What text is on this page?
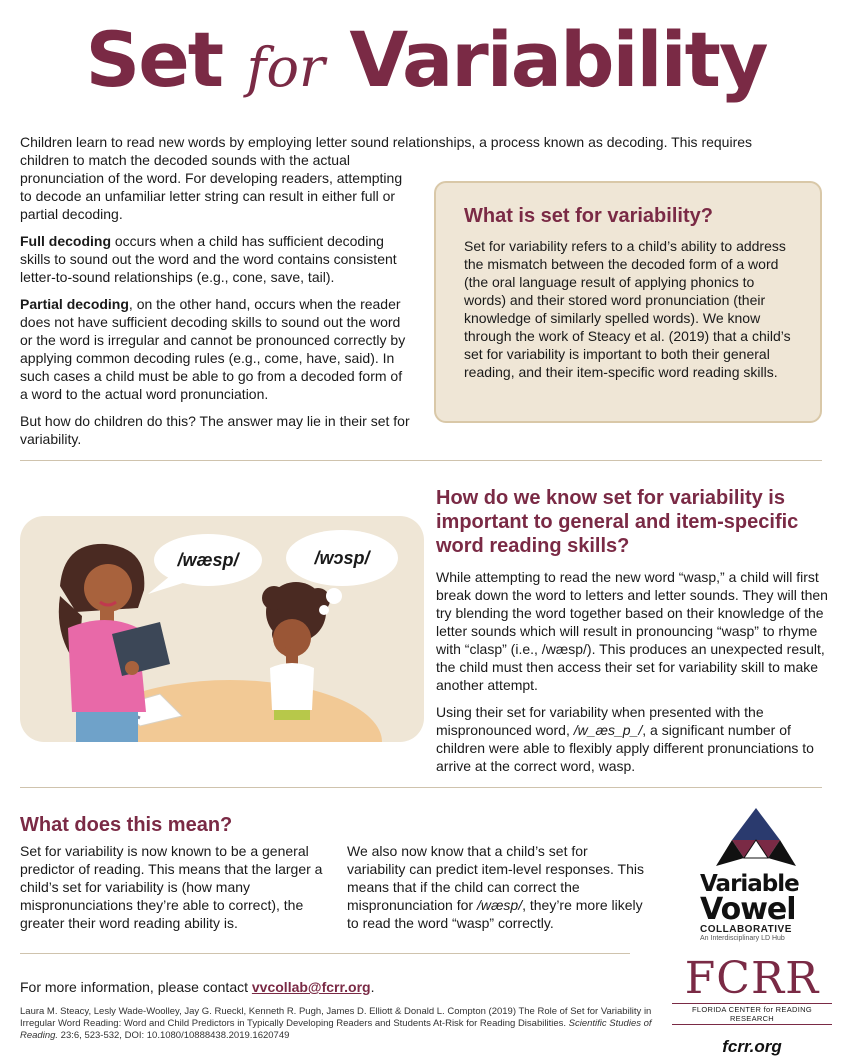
Set for Variability

Children learn to read new words by employing letter sound relationships, a process known as decoding. This requires

children to match the decoded sounds with the actual pronunciation of the word. For developing readers, attempting to decode an unfamiliar letter string can result in either full or partial decoding.

Full decoding occurs when a child has sufficient decoding skills to sound out the word and the word contains consistent letter-to-sound relationships (e.g., cone, save, tail).

Partial decoding, on the other hand, occurs when the reader does not have sufficient decoding skills to sound out the word or the word is irregular and cannot be pronounced correctly by applying common decoding rules (e.g., come, have, said). In such cases a child must be able to go from a decoded form of a word to the actual word pronunciation.

But how do children do this? The answer may lie in their set for variability.

What is set for variability?
Set for variability refers to a child’s ability to address the mismatch between the decoded form of a word (the oral language result of applying phonics to words) and their stored word pronunciation (their knowledge of similarly spelled words). We know through the work of Steacy et al. (2019) that a child’s set for variability is important to both their general reading, and their item-specific word reading skills.
/wæsp/	/wɔsp/
How do we know set for variability is important to general and item-specific word reading skills?

While attempting to read the new word “wasp,” a child will first break down the word to letters and letter sounds. They will then try blending the word together based on their knowledge of the letter sounds which will result in pronouncing “wasp” to rhyme with “clasp” (i.e., /wæsp/). This produces an unexpected result, the child must then access their set for variability skill to make another attempt.

Using their set for variability when presented with the mispronounced word, /w_æs_p_/, a significant number of children were able to flexibly apply different pronunciations to arrive at the correct word, wasp.

What does this mean?
Set for variability is now known to be a general predictor of reading. This means that the larger a child’s set for variability is (how many mispronunciations they’re able to correct), the greater their word reading ability is.
We also now know that a child’s set for variability can predict item-level responses. This means that if the child can correct the mispronunciation for /wæsp/, they’re more likely to read the word “wasp” correctly.
For more information, please contact vvcollab@fcrr.org.
Laura M. Steacy, Lesly Wade-Woolley, Jay G. Rueckl, Kenneth R. Pugh, James D. Elliott & Donald L. Compton (2019) The Role of Set for Variability in Irregular Word Reading: Word and Child Predictors in Typically Developing Readers and Students At-Risk for Reading Disabilities. Scientific Studies of Reading. 23:6, 523-532, DOI: 10.1080/10888438.2019.1620749
Variable
Vowel
COLLABORATIVE
An Interdisciplinary LD Hub
FCRR
FLORIDA CENTER for READING RESEARCH
fcrr.org
